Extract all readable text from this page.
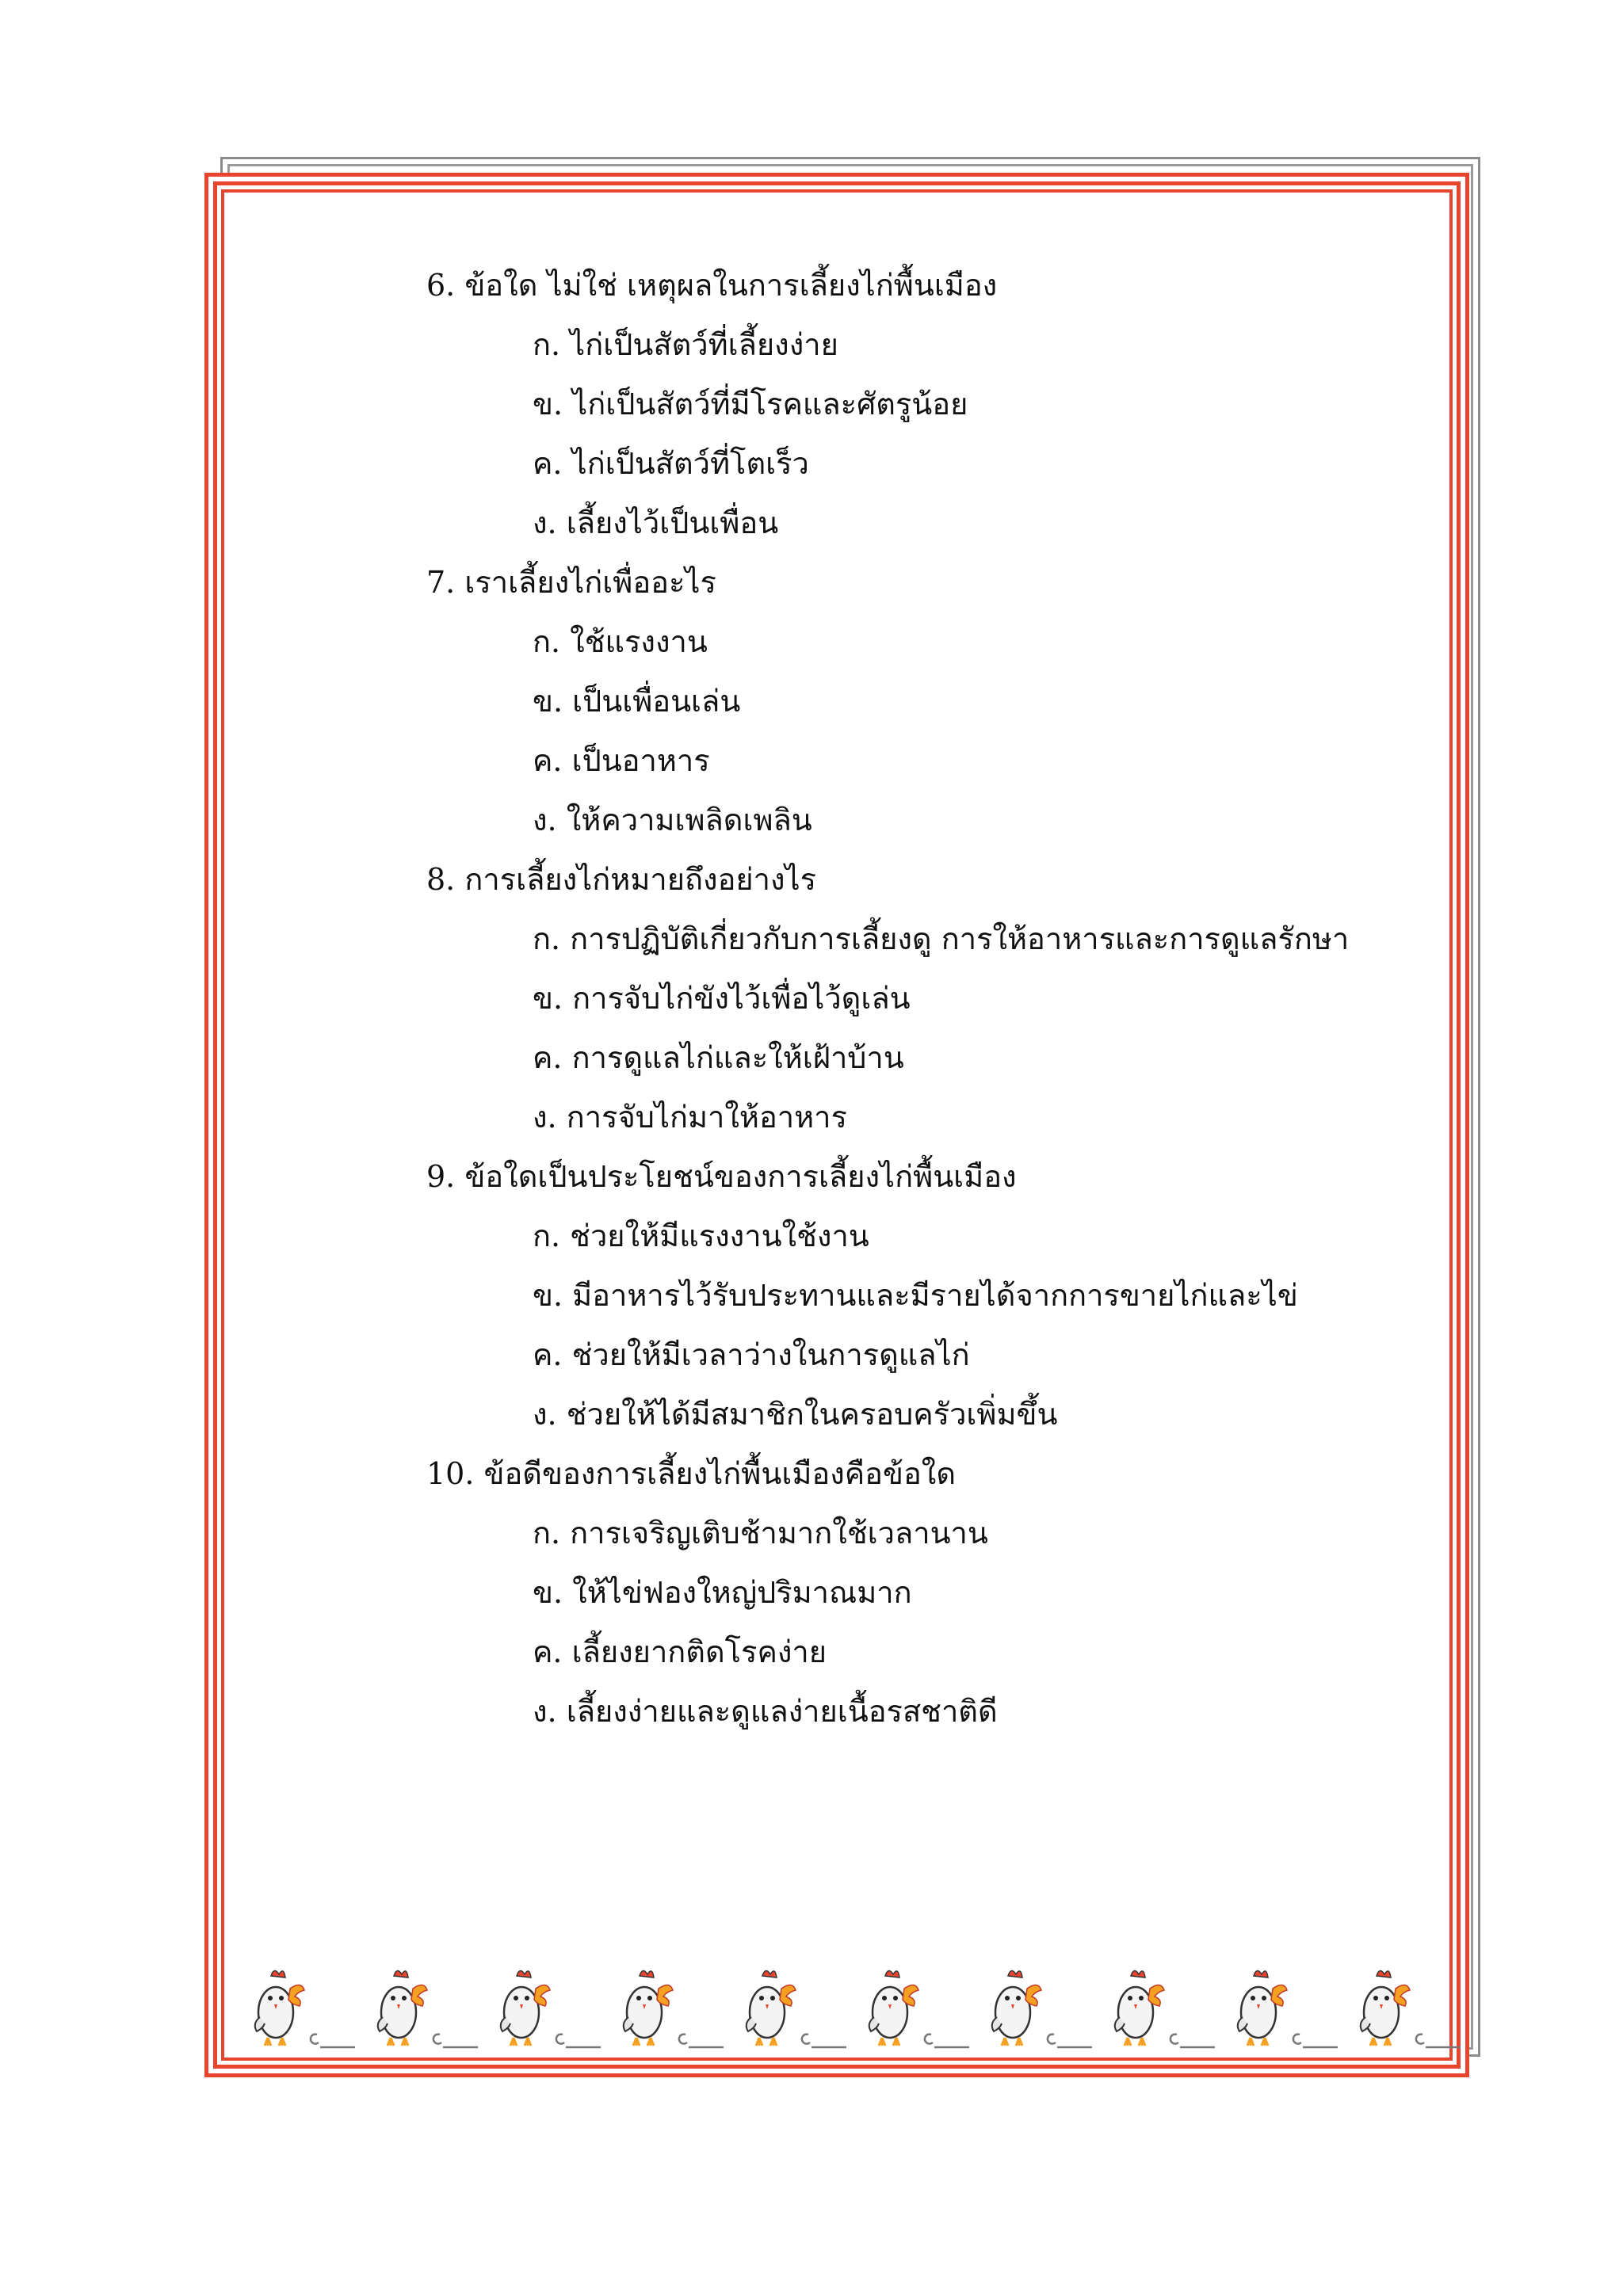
6. ข้อใด ไม่ใช่ เหตุผลในการเลี้ยงไก่พื้นเมือง
ก. ไก่เป็นสัตว์ที่เลี้ยงง่าย
ข. ไก่เป็นสัตว์ที่มีโรคและศัตรูน้อย
ค. ไก่เป็นสัตว์ที่โตเร็ว
ง. เลี้ยงไว้เป็นเพื่อน
7. เราเลี้ยงไก่เพื่ออะไร
ก. ใช้แรงงาน
ข. เป็นเพื่อนเล่น
ค. เป็นอาหาร
ง. ให้ความเพลิดเพลิน
8. การเลี้ยงไก่หมายถึงอย่างไร
ก. การปฏิบัติเกี่ยวกับการเลี้ยงดู การให้อาหารและการดูแลรักษา
ข. การจับไก่ขังไว้เพื่อไว้ดูเล่น
ค. การดูแลไก่และให้เฝ้าบ้าน
ง. การจับไก่มาให้อาหาร
9. ข้อใดเป็นประโยชน์ของการเลี้ยงไก่พื้นเมือง
ก. ช่วยให้มีแรงงานใช้งาน
ข. มีอาหารไว้รับประทานและมีรายได้จากการขายไก่และไข่
ค. ช่วยให้มีเวลาว่างในการดูแลไก่
ง. ช่วยให้ได้มีสมาชิกในครอบครัวเพิ่มขึ้น
10. ข้อดีของการเลี้ยงไก่พื้นเมืองคือข้อใด
ก. การเจริญเติบช้ามากใช้เวลานาน
ข. ให้ไข่ฟองใหญ่ปริมาณมาก
ค. เลี้ยงยากติดโรคง่าย
ง. เลี้ยงง่ายและดูแลง่ายเนื้อรสชาติดี
